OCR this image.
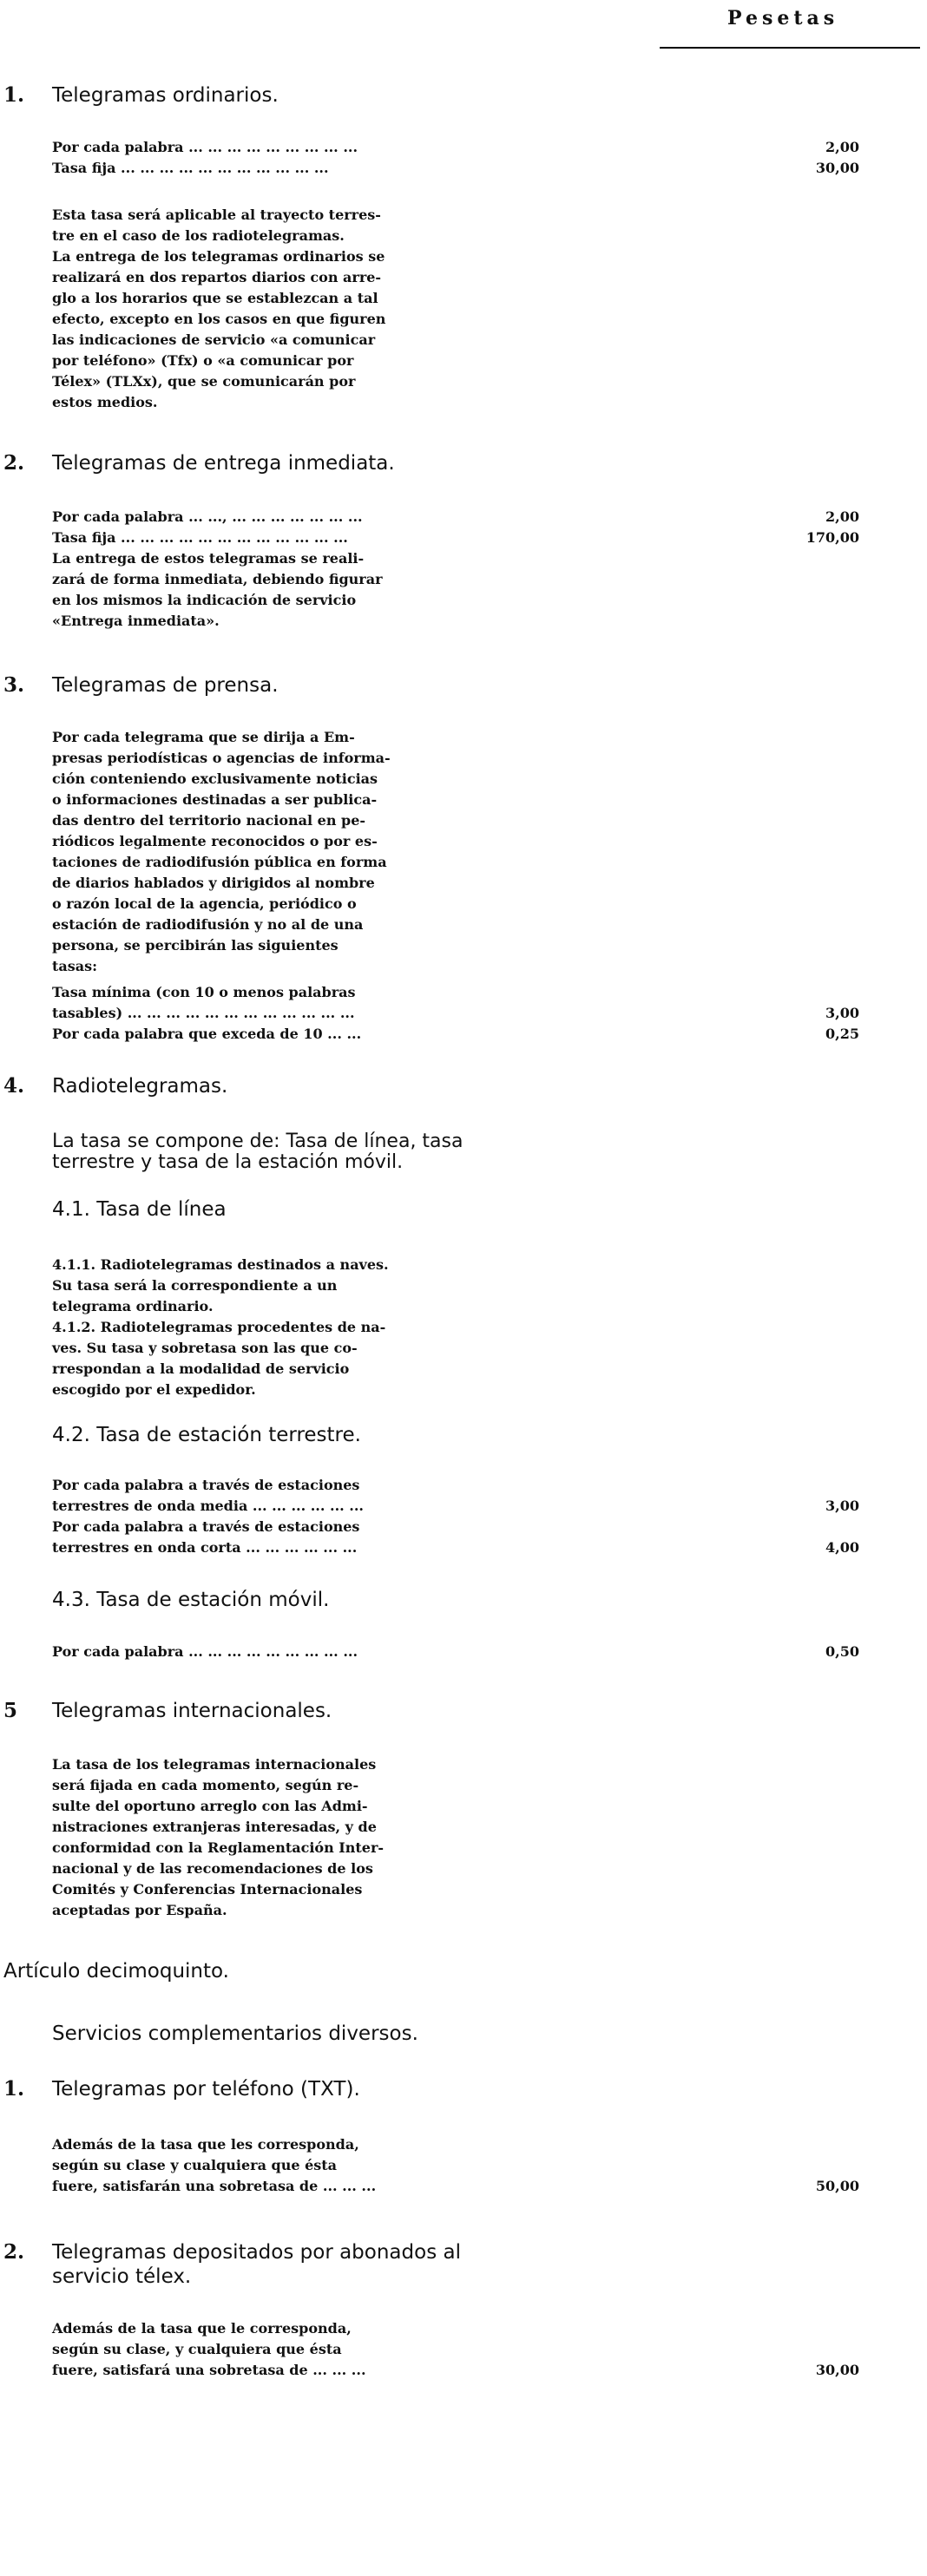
Pesetas
1. Telegramas ordinarios.
Por cada palabra ... ... ... ... ... ... ... ... ...	2,00
Tasa fija ... ... ... ... ... ... ... ... ... ... ...	30,00
Esta tasa será aplicable al trayecto terres-
tre en el caso de los radiotelegramas.
La entrega de los telegramas ordinarios se
realizará en dos repartos diarios con arre-
glo a los horarios que se establezcan a tal
efecto, excepto en los casos en que figuren
las indicaciones de servicio «a comunicar
por teléfono» (Tfx) o «a comunicar por
Télex» (TLXx), que se comunicarán por
estos medios.
2. Telegramas de entrega inmediata.
Por cada palabra ... ..., ... ... ... ... ... ... ...	2,00
Tasa fija ... ... ... ... ... ... ... ... ... ... ... ...	170,00
La entrega de estos telegramas se reali-
zará de forma inmediata, debiendo figurar
en los mismos la indicación de servicio
«Entrega inmediata».
3. Telegramas de prensa.
Por cada telegrama que se dirija a Em-
presas periodísticas o agencias de informa-
ción conteniendo exclusivamente noticias
o informaciones destinadas a ser publica-
das dentro del territorio nacional en pe-
riódicos legalmente reconocidos o por es-
taciones de radiodifusión pública en forma
de diarios hablados y dirigidos al nombre
o razón local de la agencia, periódico o
estación de radiodifusión y no al de una
persona, se percibirán las siguientes
tasas:
Tasa mínima (con 10 o menos palabras
tasables) ... ... ... ... ... ... ... ... ... ... ... ...	3,00
Por cada palabra que exceda de 10 ... ...	0,25
4. Radiotelegramas.
La tasa se compone de: Tasa de línea, tasa
terrestre y tasa de la estación móvil.
4.1. Tasa de línea
4.1.1. Radiotelegramas destinados a naves.
Su tasa será la correspondiente a un
telegrama ordinario.
4.1.2. Radiotelegramas procedentes de na-
ves. Su tasa y sobretasa son las que co-
rrespondan a la modalidad de servicio
escogido por el expedidor.
4.2. Tasa de estación terrestre.
Por cada palabra a través de estaciones
terrestres de onda media ... ... ... ... ... ...	3,00
Por cada palabra a través de estaciones
terrestres en onda corta ... ... ... ... ... ...	4,00
4.3. Tasa de estación móvil.
Por cada palabra ... ... ... ... ... ... ... ... ...	0,50
5 Telegramas internacionales.
La tasa de los telegramas internacionales
será fijada en cada momento, según re-
sulte del oportuno arreglo con las Admi-
nistraciones extranjeras interesadas, y de
conformidad con la Reglamentación Inter-
nacional y de las recomendaciones de los
Comités y Conferencias Internacionales
aceptadas por España.
Artículo decimoquinto.
Servicios complementarios diversos.
1. Telegramas por teléfono (TXT).
Además de la tasa que les corresponda,
según su clase y cualquiera que ésta
fuere, satisfarán una sobretasa de ... ... ...	50,00
2. Telegramas depositados por abonados al
servicio télex.
Además de la tasa que le corresponda,
según su clase, y cualquiera que ésta
fuere, satisfará una sobretasa de ... ... ...	30,00
